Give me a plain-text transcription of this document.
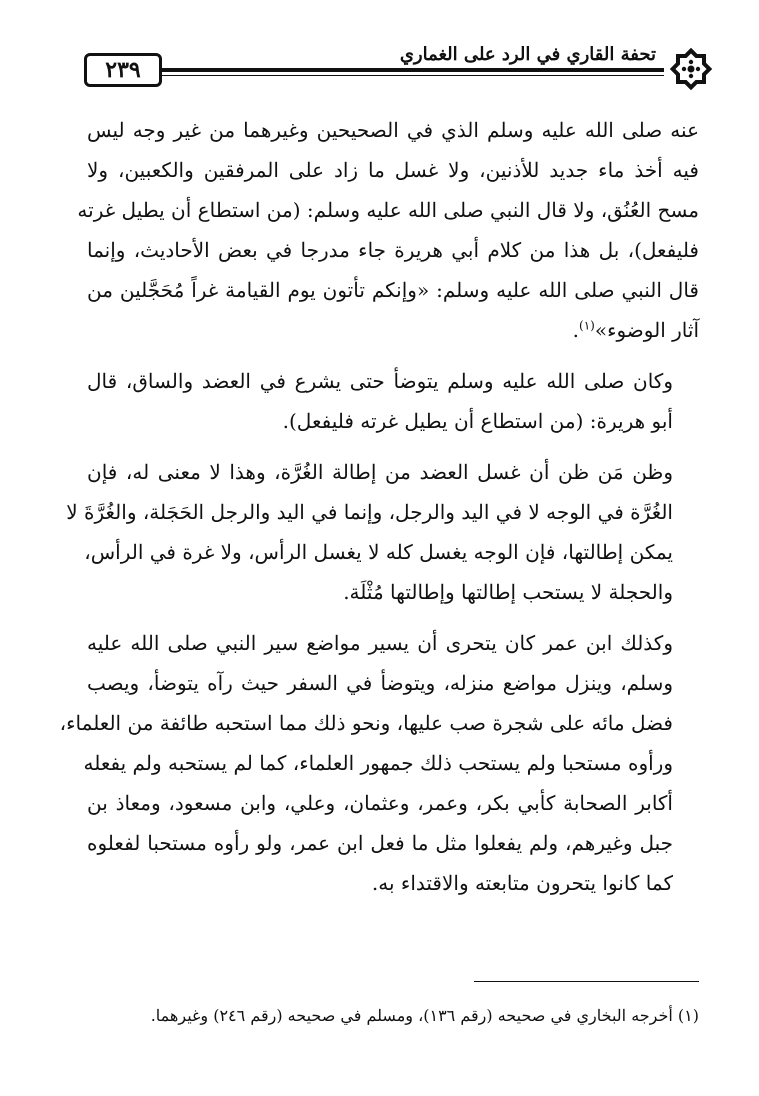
٢٣٩
تحفة القاري في الرد على الغماري
عنه صلى الله عليه وسلم الذي في الصحيحين وغيرهما من غير وجه ليس
فيه أخذ ماء جديد للأذنين، ولا غسل ما زاد على المرفقين والكعبين، ولا
مسح العُنُق، ولا قال النبي صلى الله عليه وسلم: (من استطاع أن يطيل غرته
فليفعل)، بل هذا من كلام أبي هريرة جاء مدرجا في بعض الأحاديث، وإنما
قال النبي صلى الله عليه وسلم: «وإنكم تأتون يوم القيامة غراً مُحَجَّلين من
آثار الوضوء»$^{(١)}$.
وكان صلى الله عليه وسلم يتوضأ حتى يشرع في العضد والساق، قال
أبو هريرة: (من استطاع أن يطيل غرته فليفعل).
وظن مَن ظن أن غسل العضد من إطالة الغُرَّة، وهذا لا معنى له، فإن
الغُرَّة في الوجه لا في اليد والرجل، وإنما في اليد والرجل الحَجَلة، والغُرَّةَ لا
يمكن إطالتها، فإن الوجه يغسل كله لا يغسل الرأس، ولا غرة في الرأس،
والحجلة لا يستحب إطالتها وإطالتها مُثْلَة.
وكذلك ابن عمر كان يتحرى أن يسير مواضع سير النبي صلى الله عليه
وسلم، وينزل مواضع منزله، ويتوضأ في السفر حيث رآه يتوضأ، ويصب
فضل مائه على شجرة صب عليها، ونحو ذلك مما استحبه طائفة من العلماء،
ورأوه مستحبا ولم يستحب ذلك جمهور العلماء، كما لم يستحبه ولم يفعله
أكابر الصحابة كأبي بكر، وعمر، وعثمان، وعلي، وابن مسعود، ومعاذ بن
جبل وغيرهم، ولم يفعلوا مثل ما فعل ابن عمر، ولو رأوه مستحبا لفعلوه
كما كانوا يتحرون متابعته والاقتداء به.
(١) أخرجه البخاري في صحيحه (رقم ١٣٦)، ومسلم في صحيحه (رقم ٢٤٦) وغيرهما.
